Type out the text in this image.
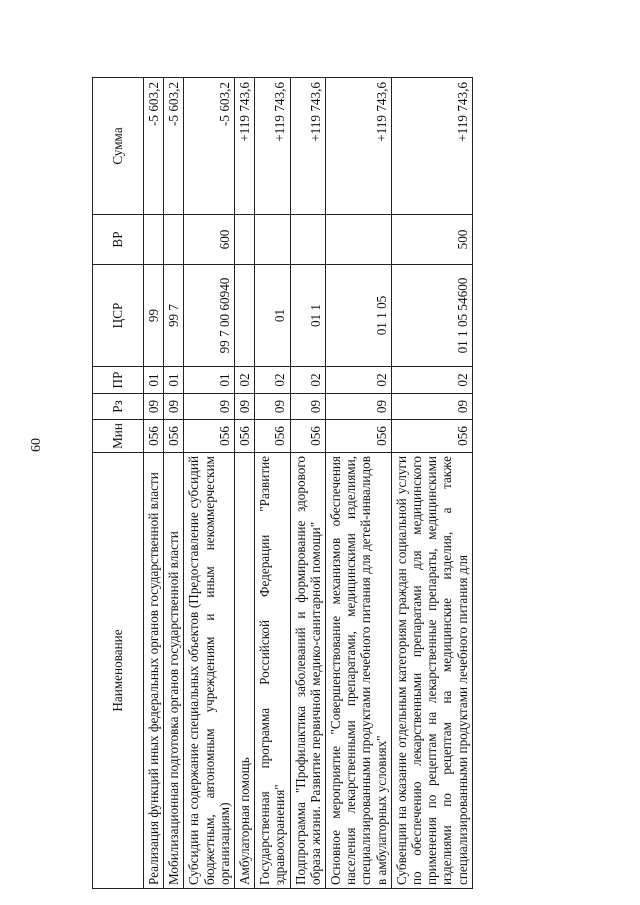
60
Наименование	Мин	Рз	ПР	ЦСР	ВР	Сумма
Реализация функций иных федеральных органов государственной власти	056	09	01	99		-5 603,2
Мобилизационная подготовка органов государственной власти	056	09	01	99 7		-5 603,2
Субсидии на содержание специальных объектов (Предоставление субсидий бюджетным, автономным учреждениям и иным некоммерческим организациям)	056	09	01	99 7 00 60940	600	-5 603,2
Амбулаторная помощь	056	09	02			+119 743,6
Государственная программа Российской Федерации "Развитие здравоохранения"	056	09	02	01		+119 743,6
Подпрограмма "Профилактика заболеваний и формирование здорового образа жизни. Развитие первичной медико-санитарной помощи"	056	09	02	01 1		+119 743,6
Основное мероприятие "Совершенствование механизмов обеспечения населения лекарственными препаратами, медицинскими изделиями, специализированными продуктами лечебного питания для детей-инвалидов в амбулаторных условиях"	056	09	02	01 1 05		+119 743,6
Субвенции на оказание отдельным категориям граждан социальной услуги по обеспечению лекарственными препаратами для медицинского применения по рецептам на лекарственные препараты, медицинскими изделиями по рецептам на медицинские изделия, а также специализированными продуктами лечебного питания для	056	09	02	01 1 05 54600	500	+119 743,6
